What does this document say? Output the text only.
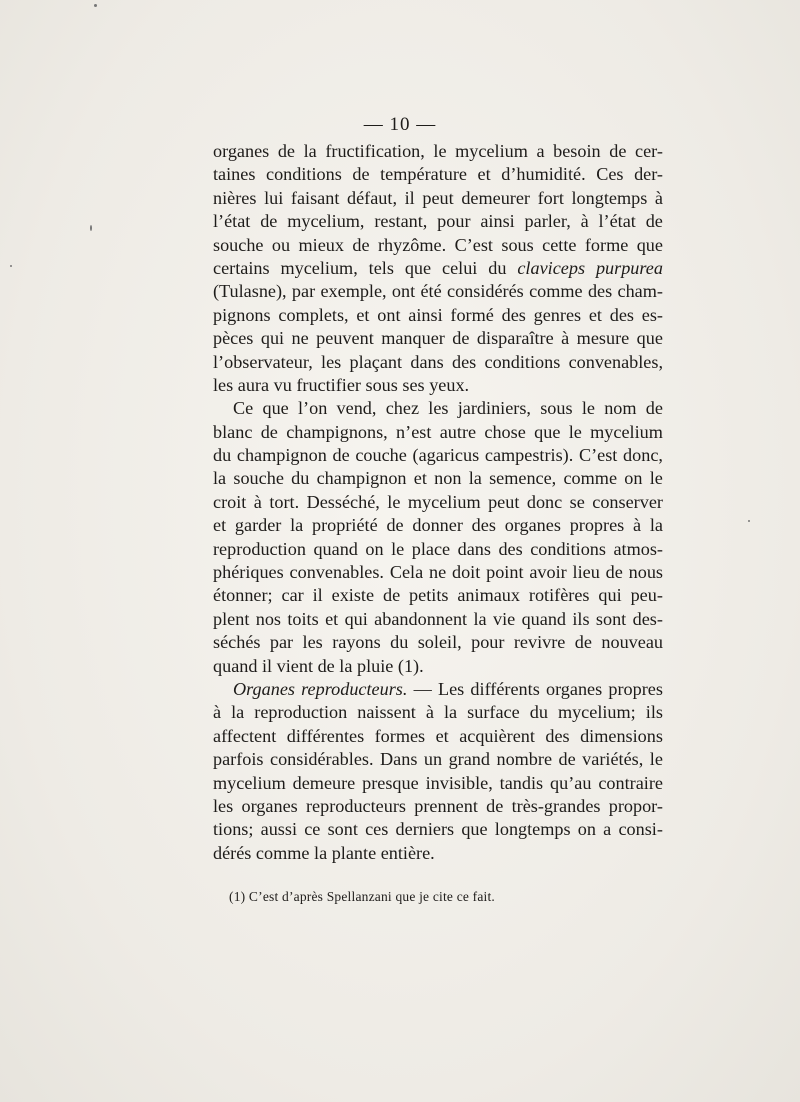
— 10 —
organes de la fructification, le mycelium a besoin de cer-
taines conditions de température et d’humidité. Ces der-
nières lui faisant défaut, il peut demeurer fort longtemps à
l’état de mycelium, restant, pour ainsi parler, à l’état de
souche ou mieux de rhyzôme. C’est sous cette forme que
certains mycelium, tels que celui du claviceps purpurea
(Tulasne), par exemple, ont été considérés comme des cham-
pignons complets, et ont ainsi formé des genres et des es-
pèces qui ne peuvent manquer de disparaître à mesure que
l’observateur, les plaçant dans des conditions convenables,
les
aura
vu
fructifier
sous
ses
yeux.

Ce que l’on vend, chez les jardiniers, sous le nom de
blanc de champignons, n’est autre chose que le mycelium
du champignon de couche (agaricus campestris). C’est donc,
la souche du champignon et non la semence, comme on le
croit à tort. Desséché, le mycelium peut donc se conserver
et garder la propriété de donner des organes propres à la
reproduction quand on le place dans des conditions atmos-
phériques convenables. Cela ne doit point avoir lieu de nous
étonner; car il existe de petits animaux rotifères qui peu-
plent nos toits et qui abandonnent la vie quand ils sont des-
séchés par les rayons du soleil, pour revivre de nouveau
quand
il
vient
de
la
pluie
(1).

Organes reproducteurs. — Les différents organes propres
à la reproduction naissent à la surface du mycelium; ils
affectent différentes formes et acquièrent des dimensions
parfois considérables. Dans un grand nombre de variétés, le
mycelium demeure presque invisible, tandis qu’au contraire
les organes reproducteurs prennent de très-grandes propor-
tions; aussi ce sont ces derniers que longtemps on a consi-
dérés
comme
la
plante
entière.

(1) C’est d’après Spellanzani que je cite ce fait.
